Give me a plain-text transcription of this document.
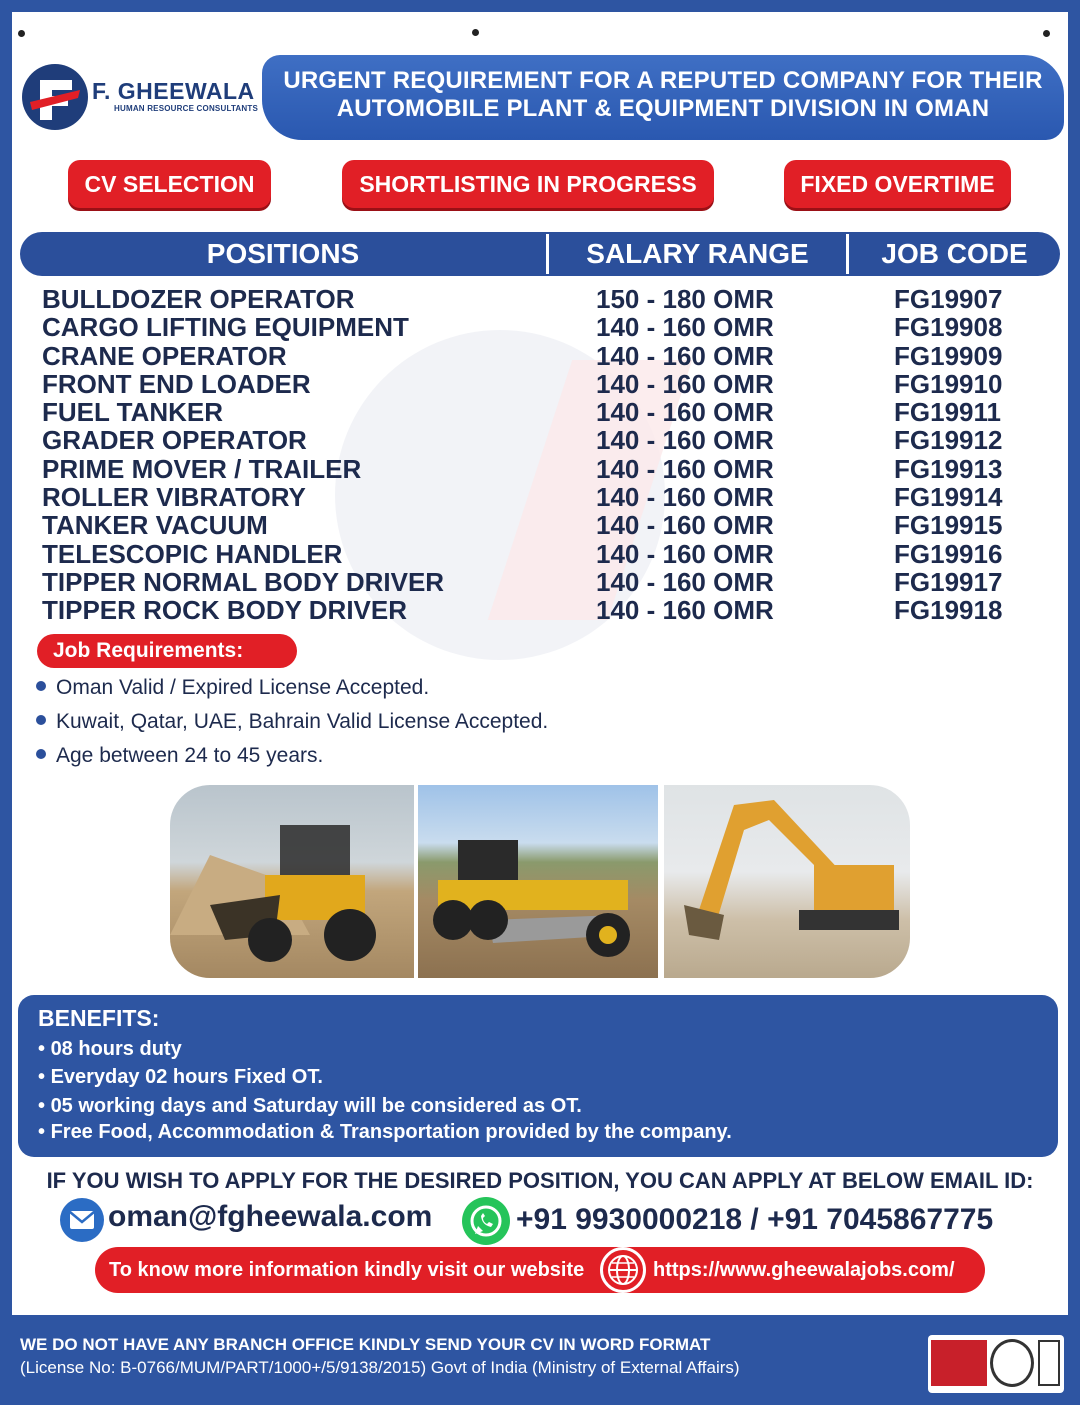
F. GHEEWALA
HUMAN RESOURCE CONSULTANTS
URGENT REQUIREMENT FOR A REPUTED COMPANY FOR THEIR
AUTOMOBILE PLANT & EQUIPMENT DIVISION IN OMAN
CV SELECTION	SHORTLISTING IN PROGRESS	FIXED OVERTIME
POSITIONS	SALARY RANGE	JOB CODE
BULLDOZER OPERATOR	150 - 180 OMR	FG19907
CARGO LIFTING EQUIPMENT	140 - 160 OMR	FG19908
CRANE OPERATOR	140 - 160 OMR	FG19909
FRONT END LOADER	140 - 160 OMR	FG19910
FUEL TANKER	140 - 160 OMR	FG19911
GRADER OPERATOR	140 - 160 OMR	FG19912
PRIME MOVER / TRAILER	140 - 160 OMR	FG19913
ROLLER VIBRATORY	140 - 160 OMR	FG19914
TANKER VACUUM	140 - 160 OMR	FG19915
TELESCOPIC HANDLER	140 - 160 OMR	FG19916
TIPPER NORMAL BODY DRIVER	140 - 160 OMR	FG19917
TIPPER ROCK BODY DRIVER	140 - 160 OMR	FG19918
Job Requirements:
Oman Valid / Expired License Accepted.
Kuwait, Qatar, UAE, Bahrain Valid License Accepted.
Age between 24 to 45 years.
BENEFITS:
• 08 hours duty
• Everyday 02 hours Fixed OT.
• 05 working days and Saturday will be considered as OT.
• Free Food, Accommodation & Transportation provided by the company.
IF YOU WISH TO APPLY FOR THE DESIRED POSITION, YOU CAN APPLY AT BELOW EMAIL ID:
oman@fgheewala.com	+91 9930000218 / +91 7045867775
To know more information kindly visit our website	https://www.gheewalajobs.com/
WE DO NOT HAVE ANY BRANCH OFFICE KINDLY SEND YOUR CV IN WORD FORMAT
(License No: B-0766/MUM/PART/1000+/5/9138/2015) Govt of India (Ministry of External Affairs)
